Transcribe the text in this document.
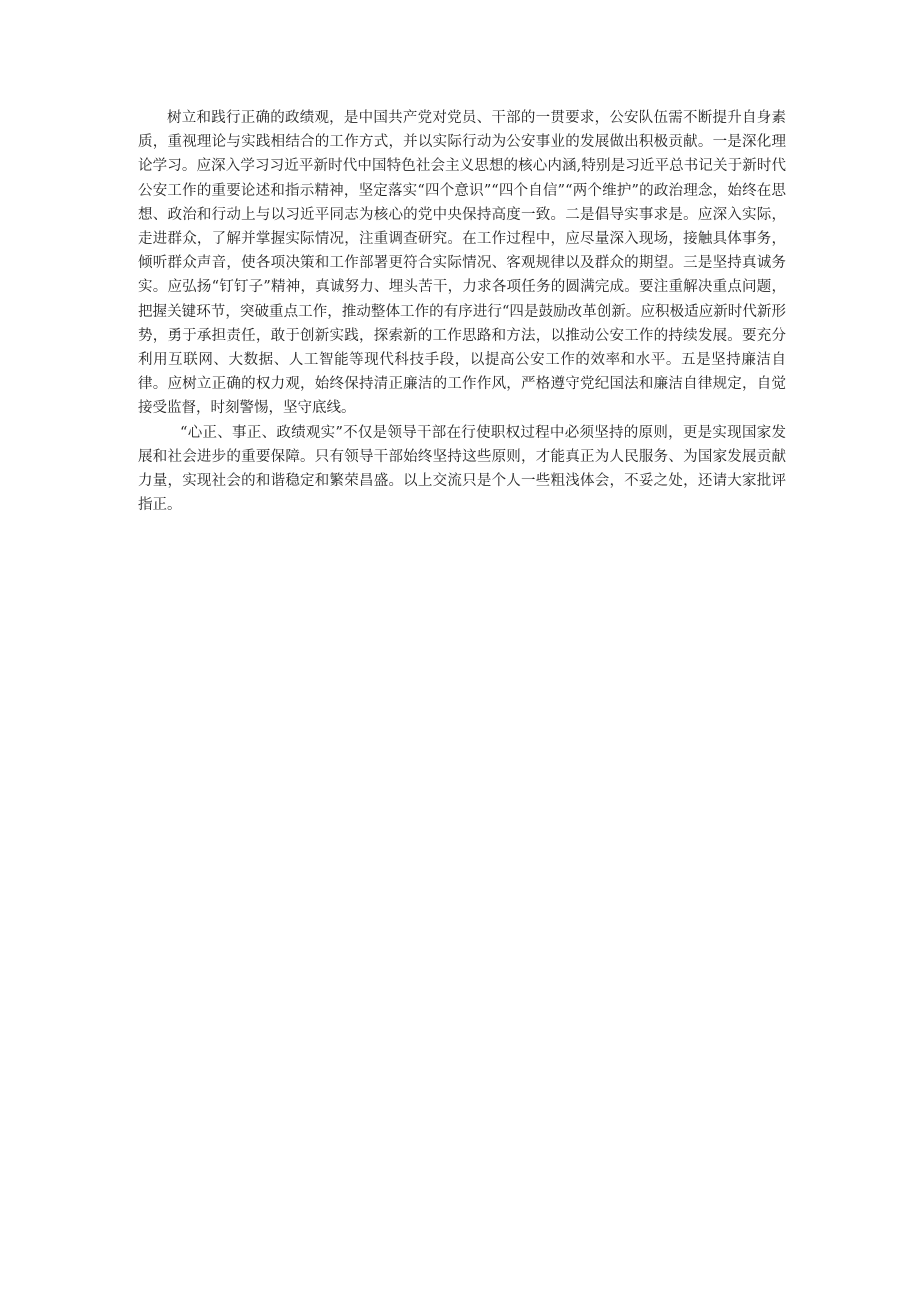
树立和践行正确的政绩观，是中国共产党对党员、干部的一贯要求，公安队伍需不断提升自身素质，重视理论与实践相结合的工作方式，并以实际行动为公安事业的发展做出积极贡献。一是深化理论学习。应深入学习习近平新时代中国特色社会主义思想的核心内涵,特别是习近平总书记关于新时代公安工作的重要论述和指示精神，坚定落实“四个意识”“四个自信”“两个维护”的政治理念，始终在思想、政治和行动上与以习近平同志为核心的党中央保持高度一致。二是倡导实事求是。应深入实际，走进群众，了解并掌握实际情况，注重调查研究。在工作过程中，应尽量深入现场，接触具体事务，倾听群众声音，使各项决策和工作部署更符合实际情况、客观规律以及群众的期望。三是坚持真诚务实。应弘扬“钉钉子”精神，真诚努力、埋头苦干，力求各项任务的圆满完成。要注重解决重点问题，把握关键环节，突破重点工作，推动整体工作的有序进行“四是鼓励改革创新。应积极适应新时代新形势，勇于承担责任，敢于创新实践，探索新的工作思路和方法，以推动公安工作的持续发展。要充分利用互联网、大数据、人工智能等现代科技手段，以提高公安工作的效率和水平。五是坚持廉洁自律。应树立正确的权力观，始终保持清正廉洁的工作作风，严格遵守党纪国法和廉洁自律规定，自觉接受监督，时刻警惕，坚守底线。

“心正、事正、政绩观实”不仅是领导干部在行使职权过程中必须坚持的原则，更是实现国家发展和社会进步的重要保障。只有领导干部始终坚持这些原则，才能真正为人民服务、为国家发展贡献力量，实现社会的和谐稳定和繁荣昌盛。以上交流只是个人一些粗浅体会，不妥之处，还请大家批评指正。
